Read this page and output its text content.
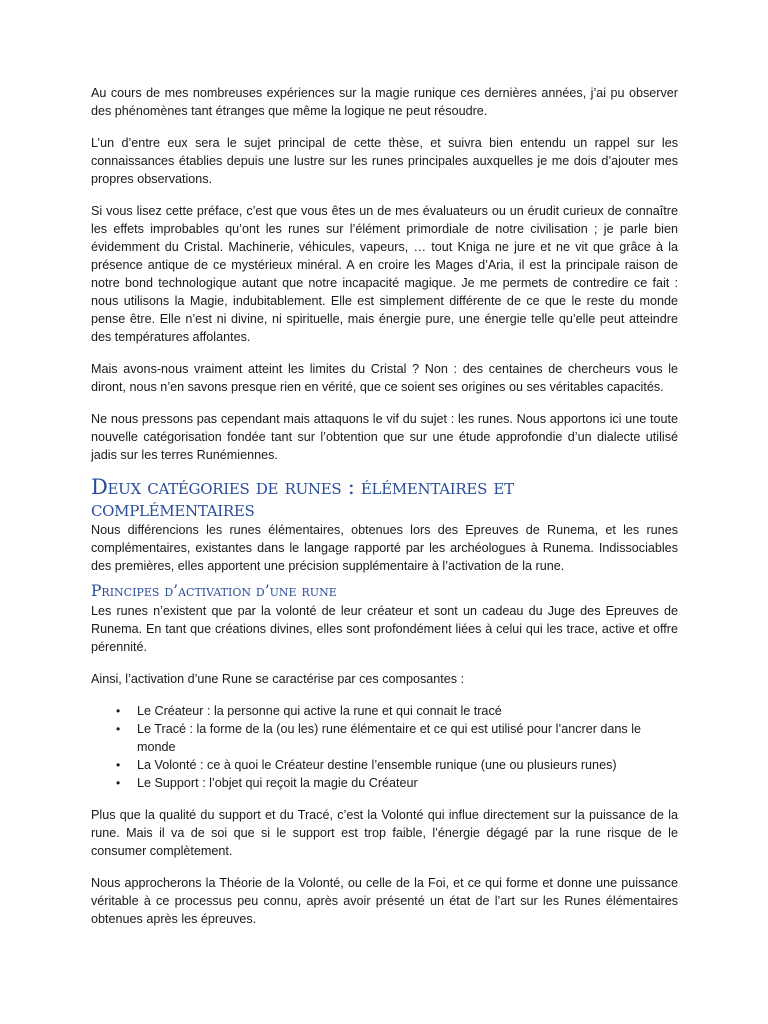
Au cours de mes nombreuses expériences sur la magie runique ces dernières années, j’ai pu observer des phénomènes tant étranges que même la logique ne peut résoudre.

L’un d’entre eux sera le sujet principal de cette thèse, et suivra bien entendu un rappel sur les connaissances établies depuis une lustre sur les runes principales auxquelles je me dois d’ajouter mes propres observations.

Si vous lisez cette préface, c’est que vous êtes un de mes évaluateurs ou un érudit curieux de connaître les effets improbables qu’ont les runes sur l’élément primordiale de notre civilisation ; je parle bien évidemment du Cristal. Machinerie, véhicules, vapeurs, … tout Kniga ne jure et ne vit que grâce à la présence antique de ce mystérieux minéral. A en croire les Mages d’Aria, il est la principale raison de notre bond technologique autant que notre incapacité magique. Je me permets de contredire ce fait : nous utilisons la Magie, indubitablement. Elle est simplement différente de ce que le reste du monde pense être. Elle n’est ni divine, ni spirituelle, mais énergie pure, une énergie telle qu’elle peut atteindre des températures affolantes.

Mais avons-nous vraiment atteint les limites du Cristal ? Non : des centaines de chercheurs vous le diront, nous n’en savons presque rien en vérité, que ce soient ses origines ou ses véritables capacités.

Ne nous pressons pas cependant mais attaquons le vif du sujet : les runes. Nous apportons ici une toute nouvelle catégorisation fondée tant sur l’obtention que sur une étude approfondie d’un dialecte utilisé jadis sur les terres Runémiennes.

Deux catégories de runes : élémentaires et complémentaires

Nous différencions les runes élémentaires, obtenues lors des Epreuves de Runema, et les runes complémentaires, existantes dans le langage rapporté par les archéologues à Runema. Indissociables des premières, elles apportent une précision supplémentaire à l’activation de la rune.

Principes d’activation d’une rune

Les runes n’existent que par la volonté de leur créateur et sont un cadeau du Juge des Epreuves de Runema. En tant que créations divines, elles sont profondément liées à celui qui les trace, active et offre pérennité.

Ainsi, l’activation d’une Rune se caractérise par ces composantes :

• Le Créateur : la personne qui active la rune et qui connait le tracé
• Le Tracé : la forme de la (ou les) rune élémentaire et ce qui est utilisé pour l’ancrer dans le monde
• La Volonté : ce à quoi le Créateur destine l’ensemble runique (une ou plusieurs runes)
• Le Support : l’objet qui reçoit la magie du Créateur

Plus que la qualité du support et du Tracé, c’est la Volonté qui influe directement sur la puissance de la rune. Mais il va de soi que si le support est trop faible, l’énergie dégagé par la rune risque de le consumer complètement.

Nous approcherons la Théorie de la Volonté, ou celle de la Foi, et ce qui forme et donne une puissance véritable à ce processus peu connu, après avoir présenté un état de l’art sur les Runes élémentaires obtenues après les épreuves.
